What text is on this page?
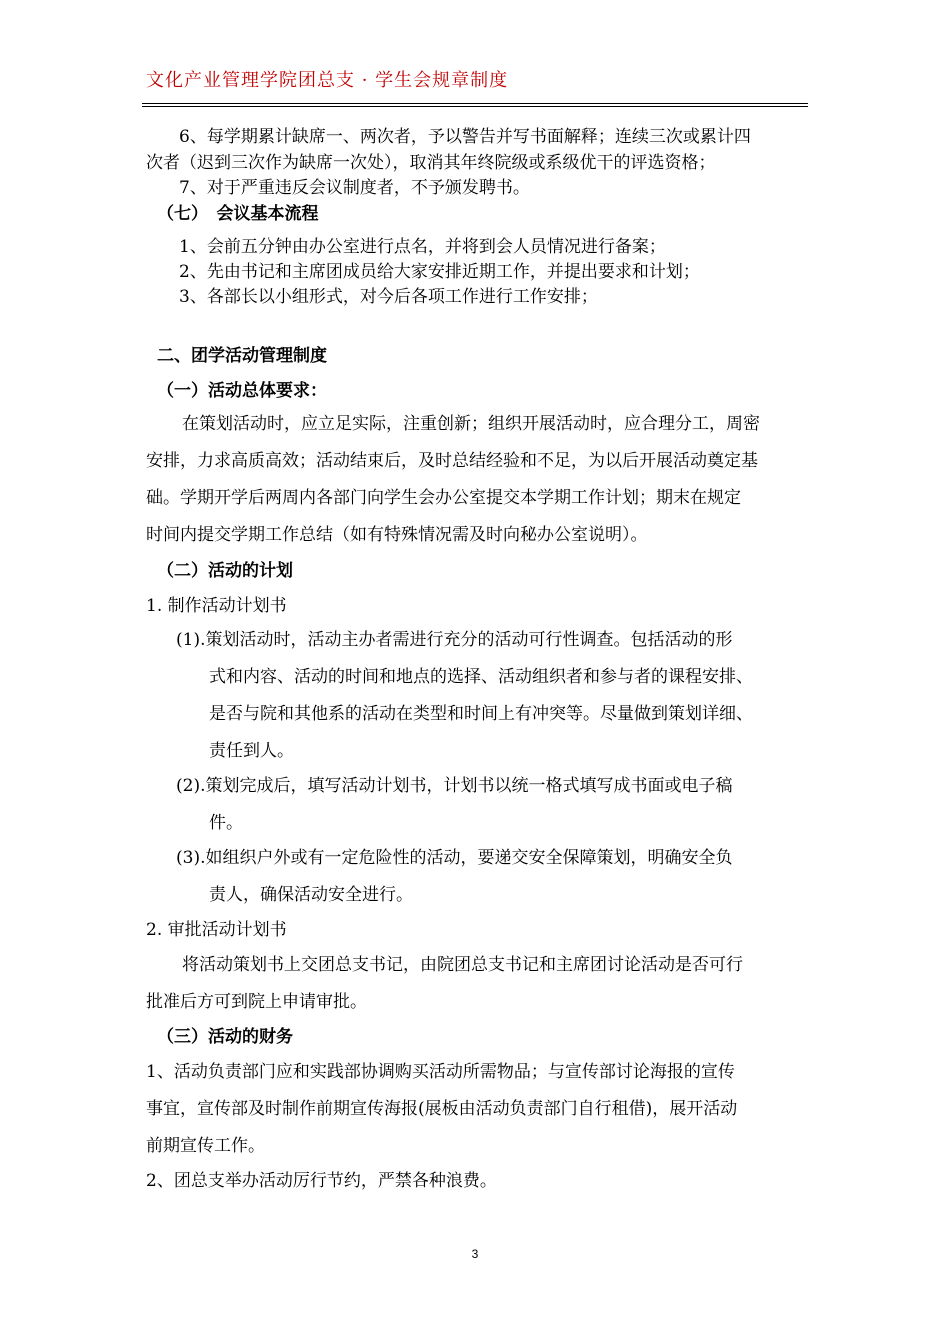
文化产业管理学院团总支 · 学生会规章制度
6、每学期累计缺席一、两次者，予以警告并写书面解释；连续三次或累计四
次者（迟到三次作为缺席一次处），取消其年终院级或系级优干的评选资格；
7、对于严重违反会议制度者，不予颁发聘书。
（七）　会议基本流程
1、会前五分钟由办公室进行点名，并将到会人员情况进行备案；
2、先由书记和主席团成员给大家安排近期工作，并提出要求和计划；
3、各部长以小组形式，对今后各项工作进行工作安排；
二、团学活动管理制度
（一）活动总体要求：
在策划活动时，应立足实际，注重创新；组织开展活动时，应合理分工，周密
安排，力求高质高效；活动结束后，及时总结经验和不足，为以后开展活动奠定基
础。学期开学后两周内各部门向学生会办公室提交本学期工作计划；期末在规定
时间内提交学期工作总结（如有特殊情况需及时向秘办公室说明）。
（二）活动的计划
1. 制作活动计划书
(1).策划活动时，活动主办者需进行充分的活动可行性调查。包括活动的形
式和内容、活动的时间和地点的选择、活动组织者和参与者的课程安排、
是否与院和其他系的活动在类型和时间上有冲突等。尽量做到策划详细、
责任到人。
(2).策划完成后，填写活动计划书，计划书以统一格式填写成书面或电子稿
件。
(3).如组织户外或有一定危险性的活动，要递交安全保障策划，明确安全负
责人，确保活动安全进行。
2. 审批活动计划书
将活动策划书上交团总支书记，由院团总支书记和主席团讨论活动是否可行
批准后方可到院上申请审批。
（三）活动的财务
1、活动负责部门应和实践部协调购买活动所需物品；与宣传部讨论海报的宣传
事宜，宣传部及时制作前期宣传海报(展板由活动负责部门自行租借)，展开活动
前期宣传工作。
2、团总支举办活动厉行节约，严禁各种浪费。
3
